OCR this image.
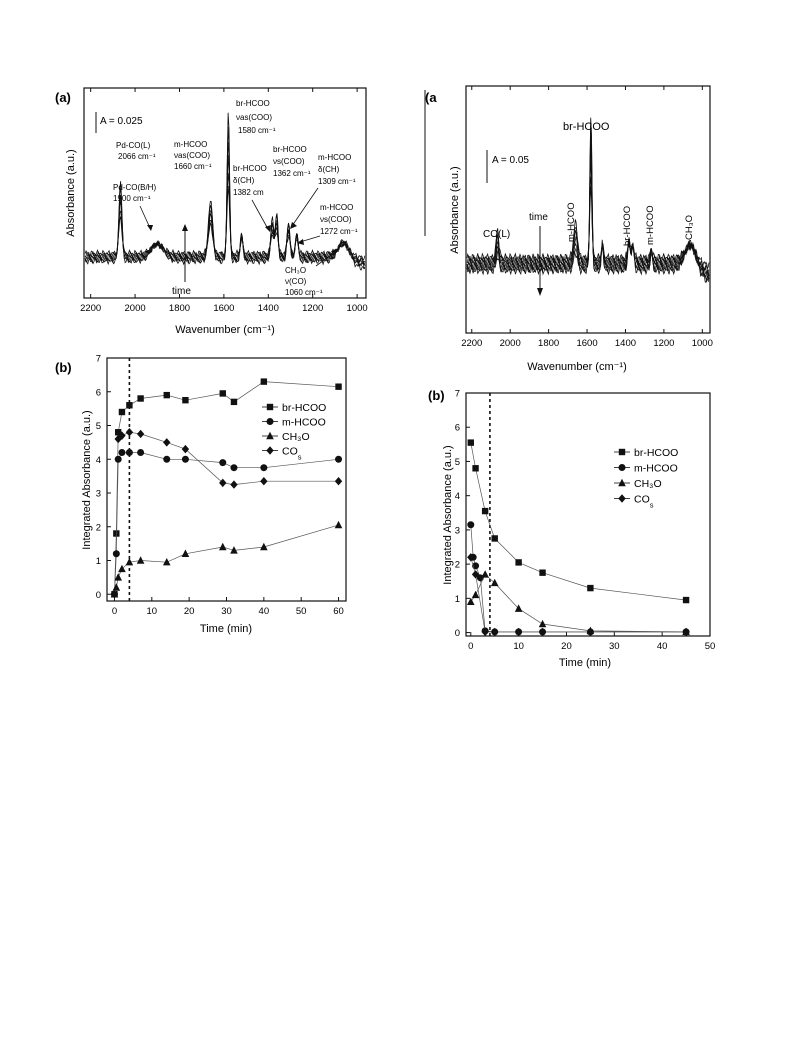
(a)
2200 2000 1800 1600 1400 1200 1000
Wavenumber (cm⁻¹)
Absorbance (a.u.)
A = 0.025
time
Pd-CO(L)
2066 cm⁻¹
Pd-CO(B/H)
1900 cm⁻¹
m-HCOO
νas(COO)
1660 cm⁻¹
br-HCOO
νas(COO)
1580 cm⁻¹
br-HCOO
δ(CH)
1382 cm
br-HCOO
νs(COO)
1362 cm⁻¹
m-HCOO
δ(CH)
1309 cm⁻¹
m-HCOO
νs(COO)
1272 cm⁻¹
CH₃O
ν(CO)
1060 cm⁻¹
(a
2200 2000 1800 1600 1400 1200 1000
Wavenumber (cm⁻¹)
Absorbance (a.u.)
A = 0.05
time
br-HCOO
CO(L)	m-HCOO	br-HCOO m-HCOO	CH₃O
(b)
0	10	20	30	40	50	60
0
1
2
3
4
5
6
7
Time (min)
Integrated Absorbance (a.u.)
br-HCOO
m-HCOO
CH₃O
$CO_s$
(b)
0	10	20	30	40	50
0
1
2
3
4
5
6
7
Time (min)
Integrated Absorbance (a.u.)	br-HCOO
m-HCOO
CH₃O
$CO_s$
